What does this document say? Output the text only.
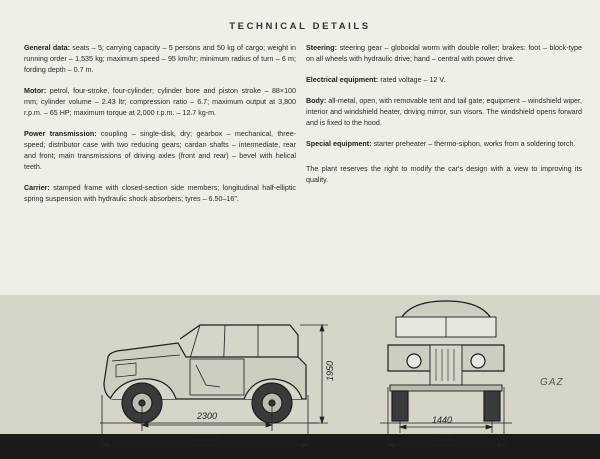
TECHNICAL DETAILS

General data: seats – 5; carrying capacity – 5 persons and 50 kg of cargo; weight in running order – 1,535 kg; maximum speed – 95 km/hr; minimum radius of turn – 6 m; fording depth – 0.7 m.

Motor: petrol, four-stroke, four-cylinder; cylinder bore and piston stroke – 88×100 mm; cylinder volume – 2.43 ltr; compression ratio – 6.7; maximum output at 3,800 r.p.m. – 65 HP; maximum torque at 2,000 r.p.m. – 12.7 kg-m.

Power transmission: coupling – single-disk, dry; gearbox – mechanical, three-speed; distributor case with two reducing gears; cardan shafts – intermediate, rear and front; main transmissions of driving axles (front and rear) – bevel with helical teeth.

Carrier: stamped frame with closed-section side members; longitudinal half-elliptic spring suspension with hydraulic shock absorbers; tyres – 6.50–16″.

Steering: steering gear – globoidal worm with double roller; brakes: foot – block-type on all wheels with hydraulic drive; hand – central with power drive.

Electrical equipment: rated voltage – 12 V.

Body: all-metal, open, with removable tent and tail gate; equipment – windshield wiper, interior and windshield heater, driving mirror, sun visors. The windshield opens forward and is fixed to the hood.

Special equipment: starter preheater – thermo-siphon, works from a soldering torch.

The plant reserves the right to modify the car's design with a view to improving its quality.

2300
3850
1950
1440
1850
GAZ
